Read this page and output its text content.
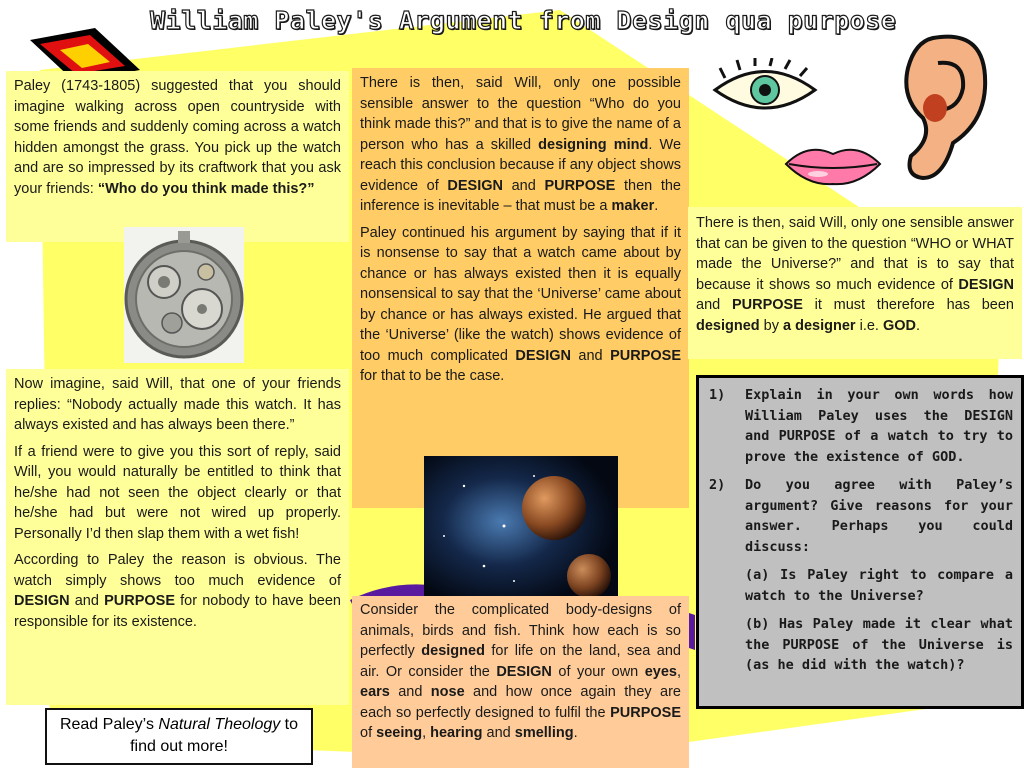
William Paley's Argument from Design qua purpose
Paley (1743-1805) suggested that you should imagine walking across open countryside with some friends and suddenly coming across a watch hidden amongst the grass. You pick up the watch and are so impressed by its craftwork that you ask your friends: “Who do you think made this?”

There is then, said Will, only one possible sensible answer to the question “Who do you think made this?” and that is to give the name of a person who has a skilled designing mind. We reach this conclusion because if any object shows evidence of DESIGN and PURPOSE then the inference is inevitable – that must be a maker.

Paley continued his argument by saying that if it is nonsense to say that a watch came about by chance or has always existed then it is equally nonsensical to say that the ‘Universe’ came about by chance or has always existed. He argued that the ‘Universe’ (like the watch) shows evidence of too much complicated DESIGN and PURPOSE for that to be the case.

There is then, said Will, only one sensible answer that can be given to the question “WHO or WHAT made the Universe?” and that is to say that because it shows so much evidence of DESIGN and PURPOSE it must therefore has been designed by a designer i.e. GOD.

Now imagine, said Will, that one of your friends replies: “Nobody actually made this watch. It has always existed and has always been there.”

If a friend were to give you this sort of reply, said Will, you would naturally be entitled to think that he/she had not seen the object clearly or that he/she had but were not wired up properly. Personally I’d then slap them with a wet fish!

According to Paley the reason is obvious. The watch simply shows too much evidence of DESIGN and PURPOSE for nobody to have been responsible for its existence.

Consider the complicated body-designs of animals, birds and fish. Think how each is so perfectly designed for life on the land, sea and air. Or consider the DESIGN of your own eyes, ears and nose and how once again they are each so perfectly designed to fulfil the PURPOSE of seeing, hearing and smelling.

1)	Explain in your own words how William Paley uses the DESIGN and PURPOSE of a watch to try to prove the existence of GOD.
2)	Do you agree with Paley’s argument? Give reasons for your answer. Perhaps you could discuss:
(a) Is Paley right to compare a watch to the Universe?
(b) Has Paley made it clear what the PURPOSE of the Universe is (as he did with the watch)?
Read Paley’s Natural Theology to find out more!
